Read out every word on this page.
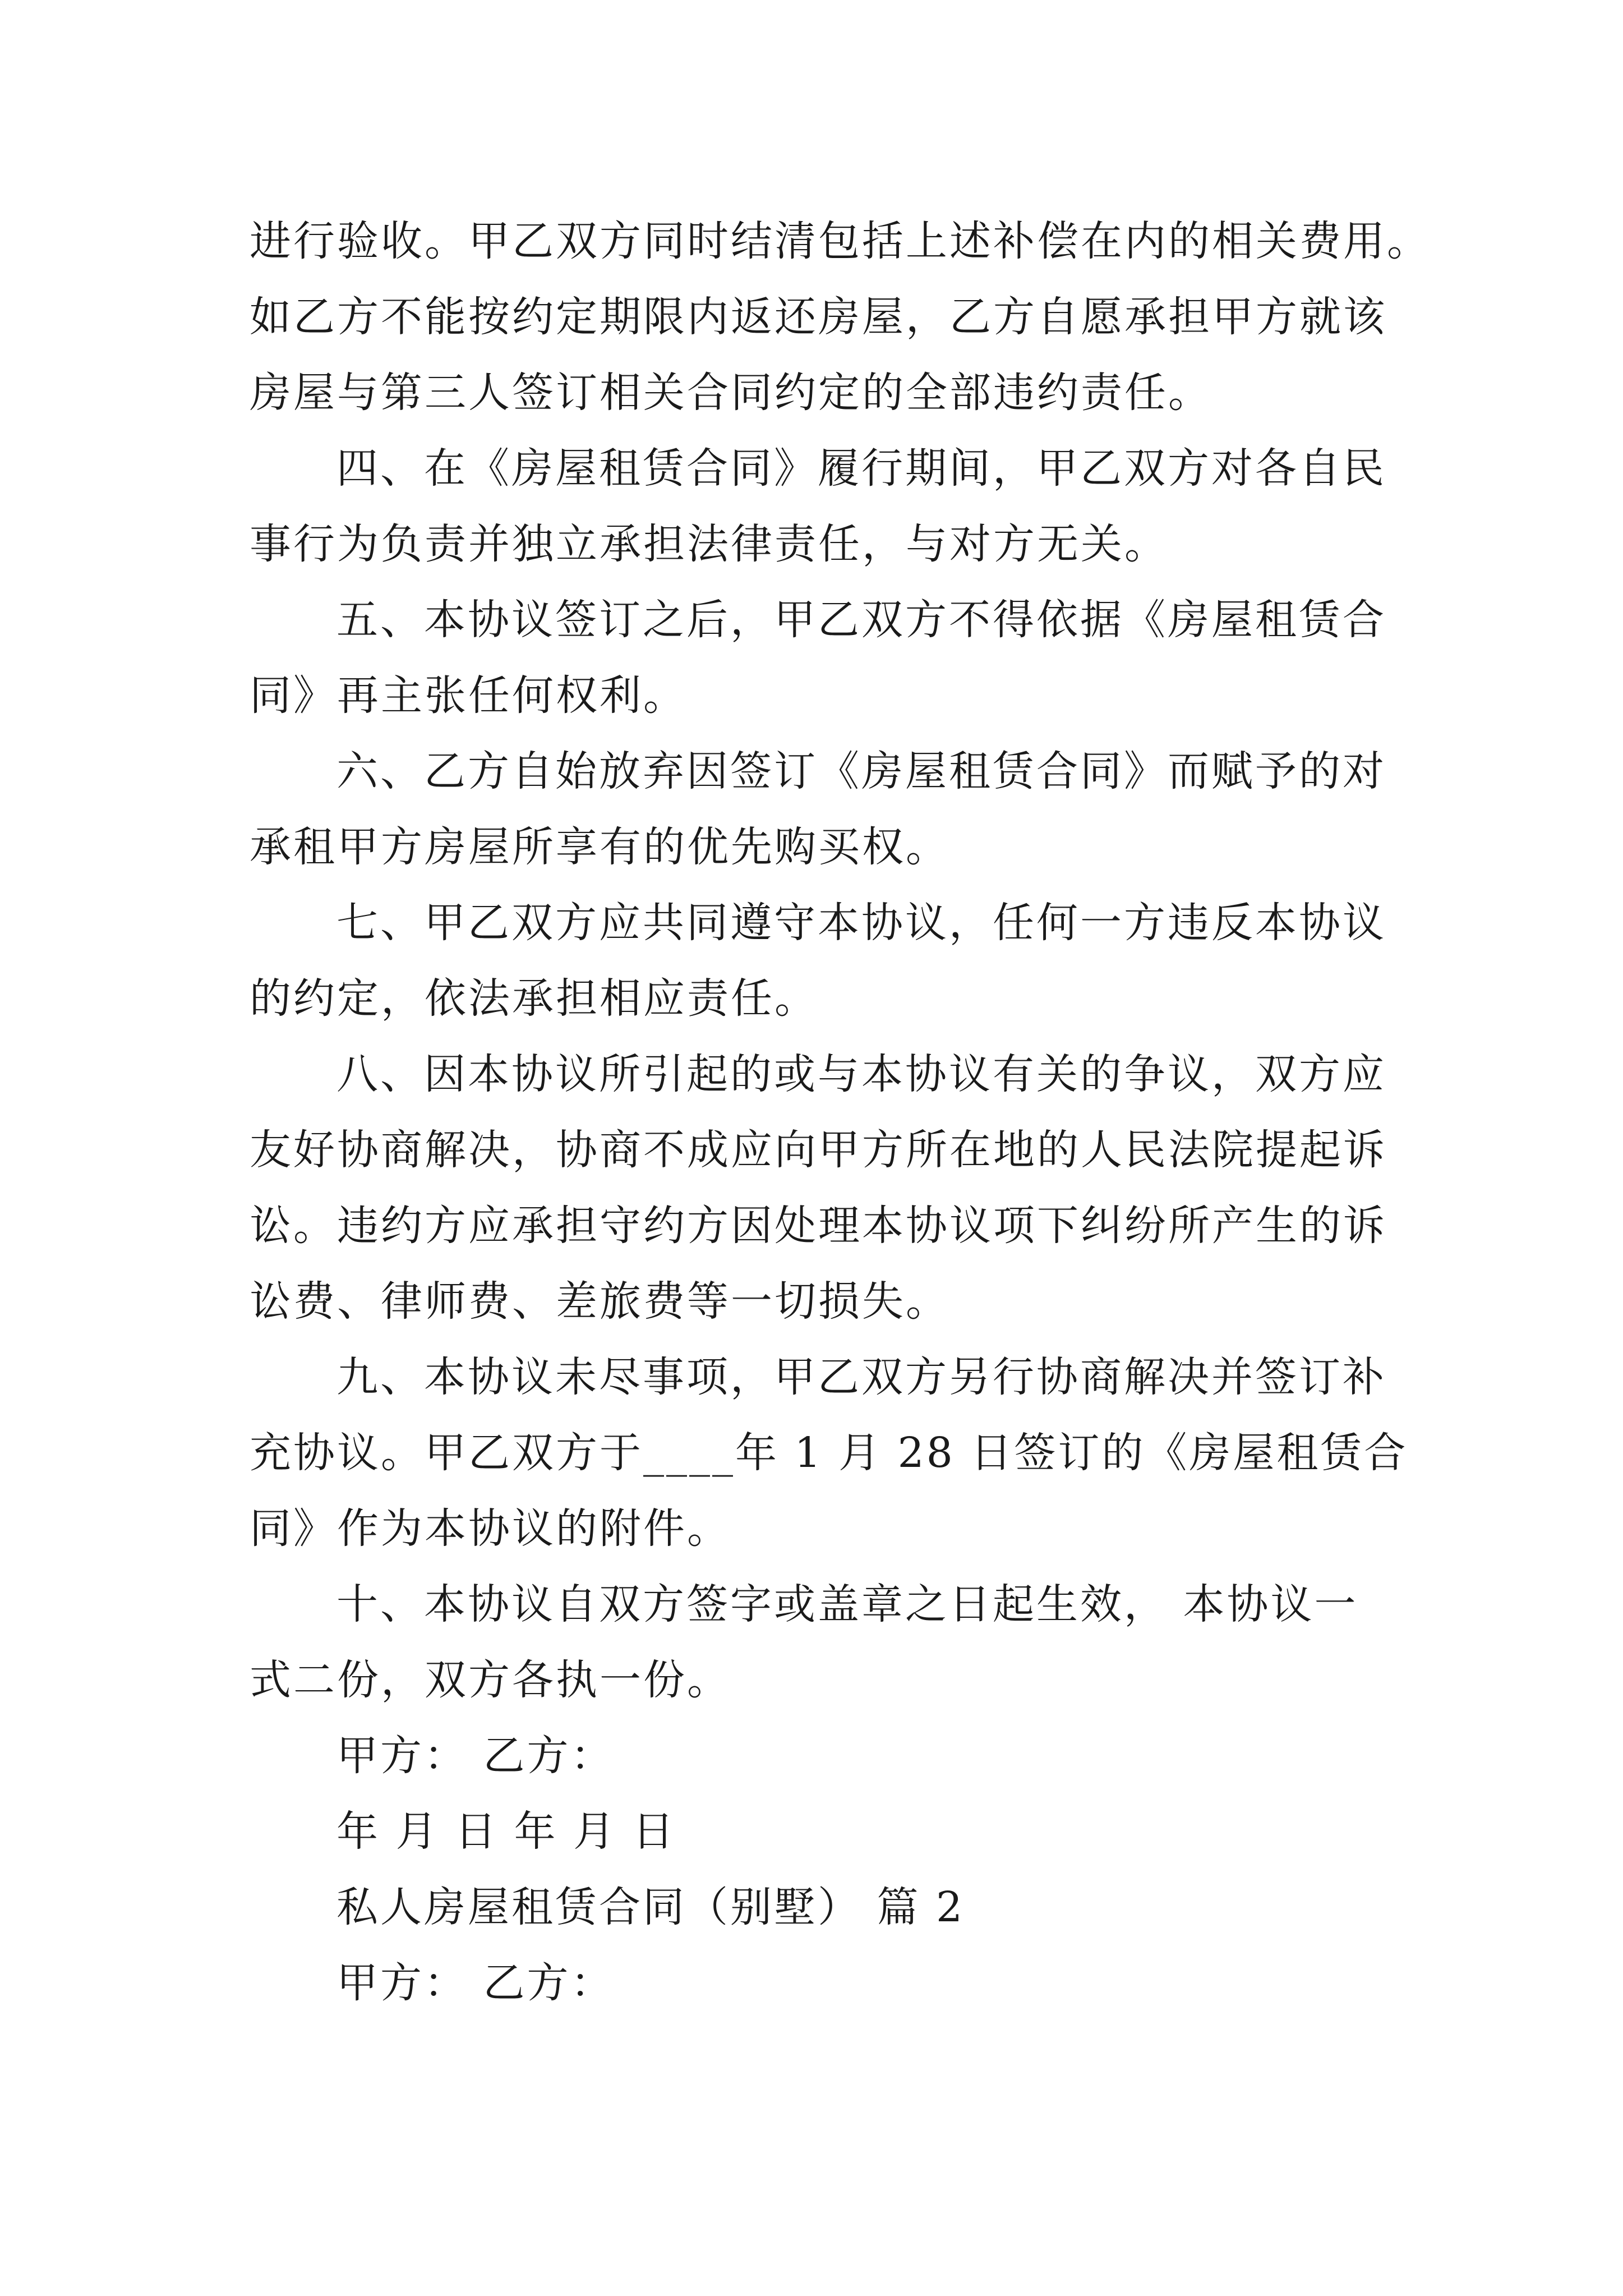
进行验收。甲乙双方同时结清包括上述补偿在内的相关费用。
如乙方不能按约定期限内返还房屋，乙方自愿承担甲方就该
房屋与第三人签订相关合同约定的全部违约责任。
四、在《房屋租赁合同》履行期间，甲乙双方对各自民
事行为负责并独立承担法律责任，与对方无关。
五、本协议签订之后，甲乙双方不得依据《房屋租赁合
同》再主张任何权利。
六、乙方自始放弃因签订《房屋租赁合同》而赋予的对
承租甲方房屋所享有的优先购买权。
七、甲乙双方应共同遵守本协议，任何一方违反本协议
的约定，依法承担相应责任。
八、因本协议所引起的或与本协议有关的争议，双方应
友好协商解决，协商不成应向甲方所在地的人民法院提起诉
讼。违约方应承担守约方因处理本协议项下纠纷所产生的诉
讼费、律师费、差旅费等一切损失。
九、本协议未尽事项，甲乙双方另行协商解决并签订补
充协议。甲乙双方于____年 1 月 28 日签订的《房屋租赁合
同》作为本协议的附件。
十、本协议自双方签字或盖章之日起生效， 本协议一
式二份，双方各执一份。
甲方： 乙方：
年 月 日 年 月 日
私人房屋租赁合同（别墅） 篇 2
甲方： 乙方：
